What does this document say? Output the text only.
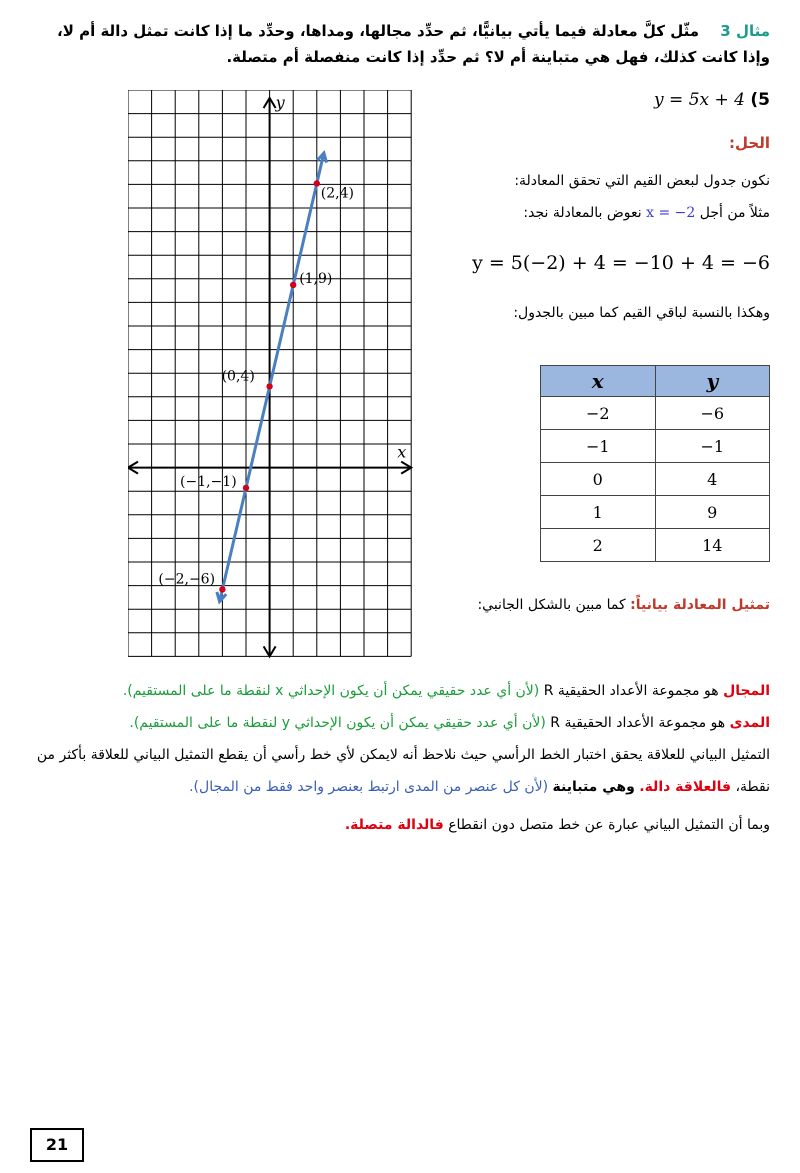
مثال 3 مثّل كلَّ معادلة فيما يأتي بيانيًّا، ثم حدِّد مجالها، ومداها، وحدِّد ما إذا كانت تمثل دالة أم لا، وإذا كانت كذلك، فهل هي متباينة أم لا؟ ثم حدِّد إذا كانت منفصلة أم متصلة.
y = 5x + 4 (5
الحل:
نكون جدول لبعض القيم التي تحقق المعادلة:
مثلاً من أجل x = −2 نعوض بالمعادلة نجد:
y = 5(−2) + 4 = −10 + 4 = −6
وهكذا بالنسبة لباقي القيم كما مبين بالجدول:
x	y
−2	−6
−1	−1
0	4
1	9
2	14
تمثيل المعادلة بيانياً: كما مبين بالشكل الجانبي:
x
y
(−2,−6)
(−1,−1)
(0,4)
(1,9)
(2,4)
المجال هو مجموعة الأعداد الحقيقية R (لأن أي عدد حقيقي يمكن أن يكون الإحداثي x لنقطة ما على المستقيم).
المدى هو مجموعة الأعداد الحقيقية R (لأن أي عدد حقيقي يمكن أن يكون الإحداثي y لنقطة ما على المستقيم).
التمثيل البياني للعلاقة يحقق اختبار الخط الرأسي حيث نلاحظ أنه لايمكن لأي خط رأسي أن يقطع التمثيل البياني للعلاقة بأكثر من نقطة، فالعلاقة دالة. وهي متباينة (لأن كل عنصر من المدى ارتبط بعنصر واحد فقط من المجال).
وبما أن التمثيل البياني عبارة عن خط متصل دون انقطاع فالدالة متصلة.
21
